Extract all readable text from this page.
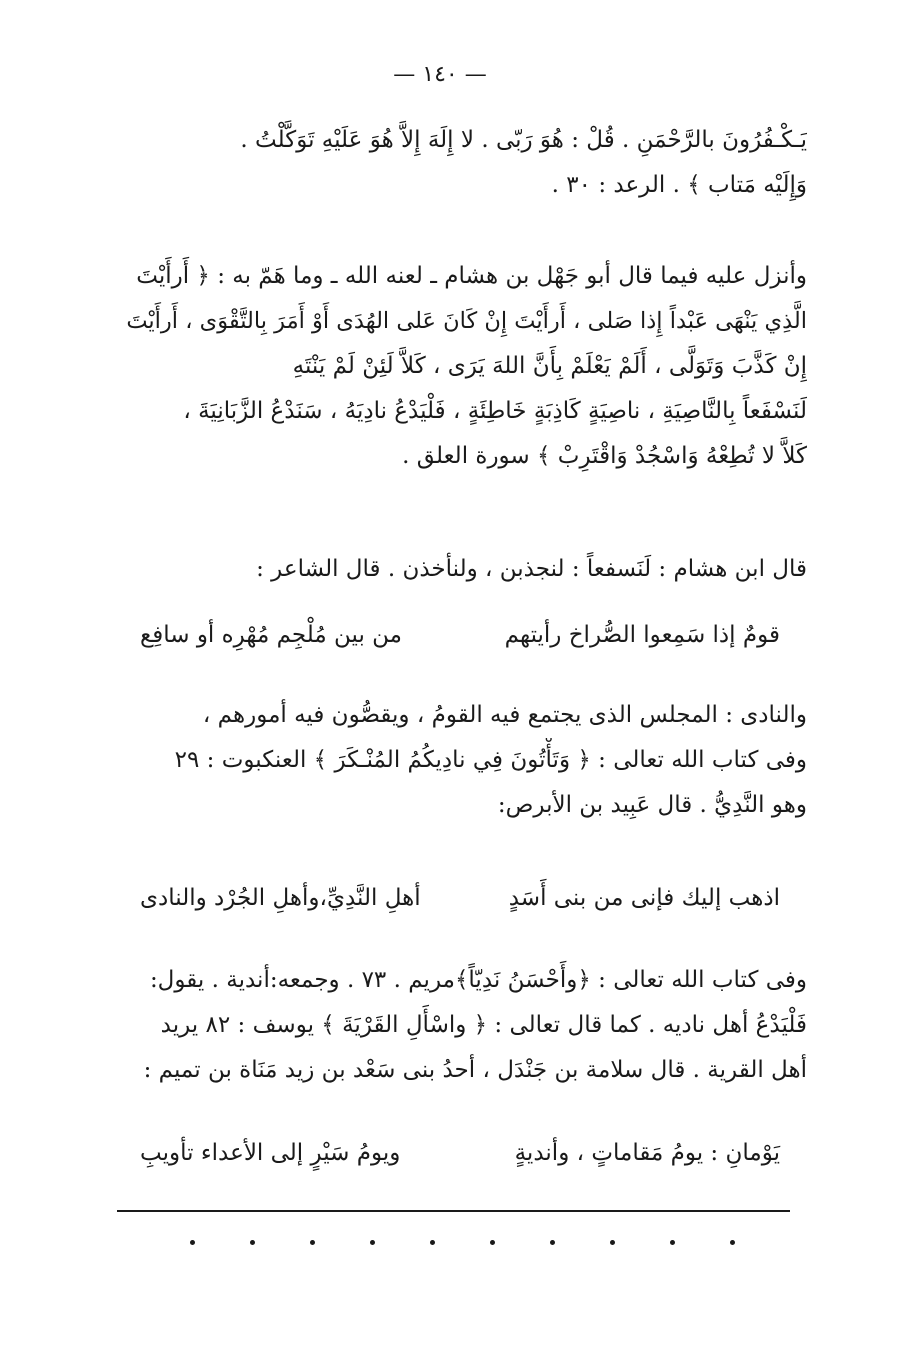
— ١٤٠ —
يَـكْـفُرُونَ بالرَّحْمَنِ . قُلْ : هُوَ رَبّى . لا إِلَهَ إِلاَّ هُوَ عَلَيْهِ تَوَكَّلْتُ .
وَإِلَيْه مَتاب ﴾ . الرعد : ٣٠ .
وأنزل عليه فيما قال أبو جَهْل بن هشام ـ لعنه الله ـ وما هَمّ به : ﴿ أَرأَيْتَ
الَّذِي يَنْهَى عَبْداً إِذا صَلى ، أَرأَيْتَ إِنْ كَانَ عَلى الهُدَى أَوْ أَمَرَ بِالتَّقْوَى ، أَرأَيْتَ
إِنْ كَذَّبَ وَتَوَلَّى ، أَلَمْ يَعْلَمْ بِأَنَّ اللهَ يَرَى ، كَلاَّ لَئِنْ لَمْ يَنْتَهِ
لَنَسْفَعاً بِالنَّاصِيَةِ ، ناصِيَةٍ كَاذِبَةٍ خَاطِئَةٍ ، فَلْيَدْعُ نادِيَهُ ، سَنَدْعُ الزَّبَانِيَةَ ،
كَلاَّ لا تُطِعْهُ وَاسْجُدْ وَاقْتَرِبْ ﴾ سورة العلق .
قال ابن هشام : لَنَسفعاً : لنجذبن ، ولنأخذن . قال الشاعر :
قومٌ إذا سَمِعوا الصُّراخ رأيتهم
من بين مُلْجِم مُهْرِه أو سافِع
والنادى : المجلس الذى يجتمع فيه القومُ ، ويقصُّون فيه أمورهم ،
وفى كتاب الله تعالى : ﴿ وَتَأْتُونَ فِي نادِيكُمُ المُنْـكَرَ ﴾ العنكبوت : ٢٩
وهو النَّدِيُّ . قال عَبِيد بن الأبرص:
اذهب إليك فإنى من بنى أَسَدٍ
أهلِ النَّدِيِّ،وأهلِ الجُرْد والنادى
وفى كتاب الله تعالى : ﴿وأَحْسَنُ نَدِيّاً﴾مريم . ٧٣ . وجمعه:أندية . يقول:
فَلْيَدْعُ أهل ناديه . كما قال تعالى : ﴿ واسْأَلِ القَرْيَةَ ﴾ يوسف : ٨٢ يريد
أهل القرية . قال سلامة بن جَنْدَل ، أحدُ بنى سَعْد بن زيد مَنَاة بن تميم :
يَوْمانِ : يومُ مَقاماتٍ ، وأنديةٍ
ويومُ سَيْرٍ إلى الأعداء تأويبِ
